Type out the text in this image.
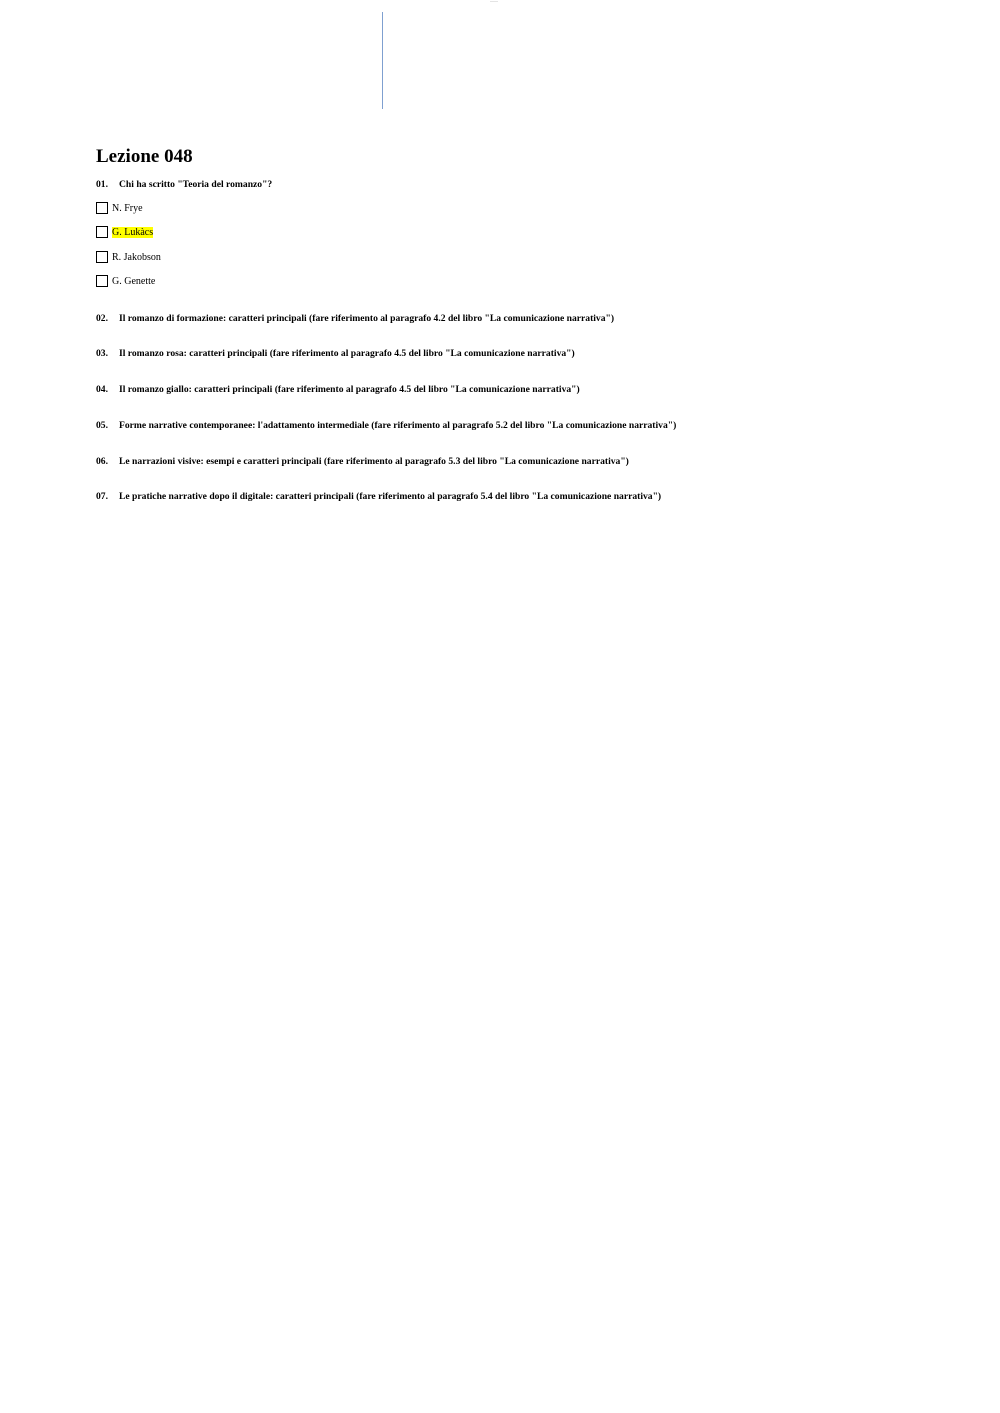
Lezione 048
01. Chi ha scritto "Teoria del romanzo"?
N. Frye
G. Lukàcs
R. Jakobson
G. Genette
02. Il romanzo di formazione: caratteri principali (fare riferimento al paragrafo 4.2 del libro "La comunicazione narrativa")
03. Il romanzo rosa: caratteri principali (fare riferimento al paragrafo 4.5 del libro "La comunicazione narrativa")
04. Il romanzo giallo: caratteri principali (fare riferimento al paragrafo 4.5 del libro "La comunicazione narrativa")
05. Forme narrative contemporanee: l'adattamento intermediale (fare riferimento al paragrafo 5.2 del libro "La comunicazione narrativa")
06. Le narrazioni visive: esempi e caratteri principali (fare riferimento al paragrafo 5.3 del libro "La comunicazione narrativa")
07. Le pratiche narrative dopo il digitale: caratteri principali (fare riferimento al paragrafo 5.4 del libro "La comunicazione narrativa")
